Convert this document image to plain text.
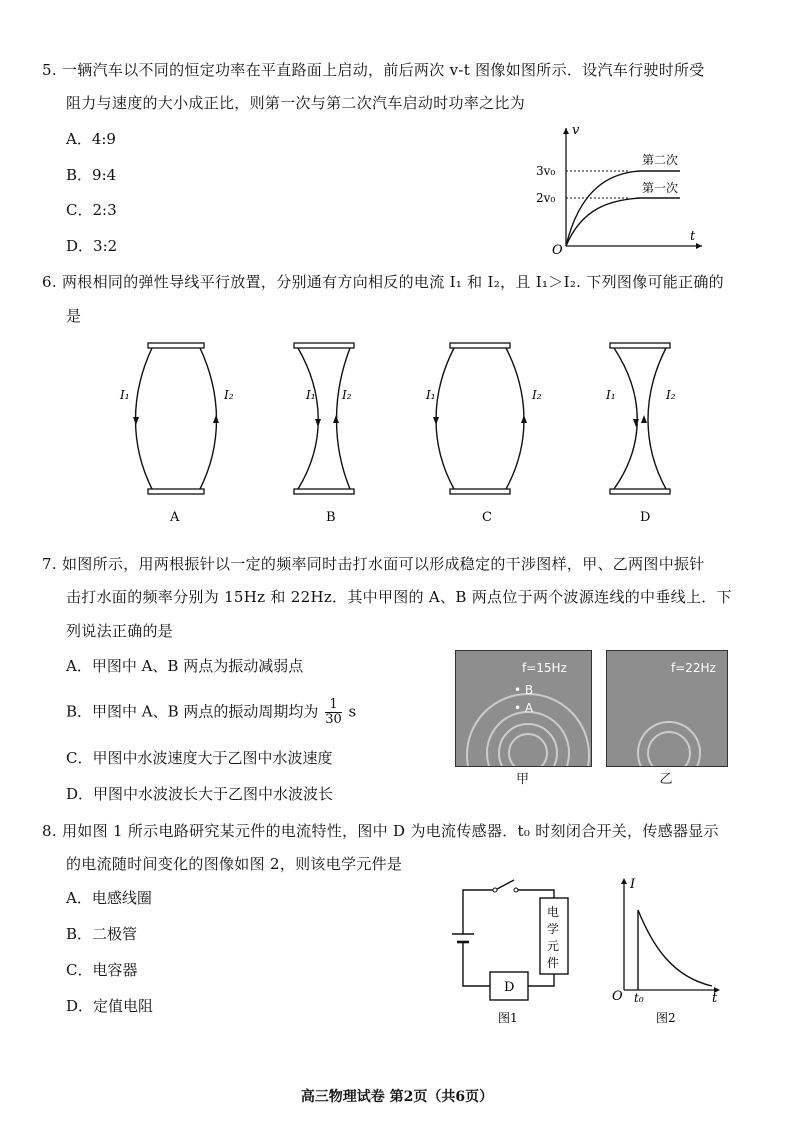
5. 一辆汽车以不同的恒定功率在平直路面上启动，前后两次 v-t 图像如图所示．设汽车行驶时所受
阻力与速度的大小成正比，则第一次与第二次汽车启动时功率之比为
A．4:9
B．9:4
C．2:3
D．3:2
v
t
O
3v₀
2v₀
第二次
第一次
6. 两根相同的弹性导线平行放置，分别通有方向相反的电流 I₁ 和 I₂，且 I₁＞I₂. 下列图像可能正确的
是
I₁	I₂
A
I₁ I₂
B
I₁	I₂
C
I₁	I₂
D
7. 如图所示，用两根振针以一定的频率同时击打水面可以形成稳定的干涉图样，甲、乙两图中振针
击打水面的频率分别为 15Hz 和 22Hz．其中甲图的 A、B 两点位于两个波源连线的中垂线上．下
列说法正确的是
A．甲图中 A、B 两点为振动减弱点
B．甲图中 A、B 两点的振动周期均为 $\frac{1}{30}$ s
C．甲图中水波速度大于乙图中水波速度
D．甲图中水波波长大于乙图中水波波长
f=15Hz
• B
• A
甲
f=22Hz
乙
8. 用如图 1 所示电路研究某元件的电流特性，图中 D 为电流传感器．t₀ 时刻闭合开关，传感器显示
的电流随时间变化的图像如图 2，则该电学元件是
A．电感线圈
B．二极管
C．电容器
D．定值电阻
D
电
学
元
件
图1
I
t
O t₀
图2
高三物理试卷 第2页（共6页）
